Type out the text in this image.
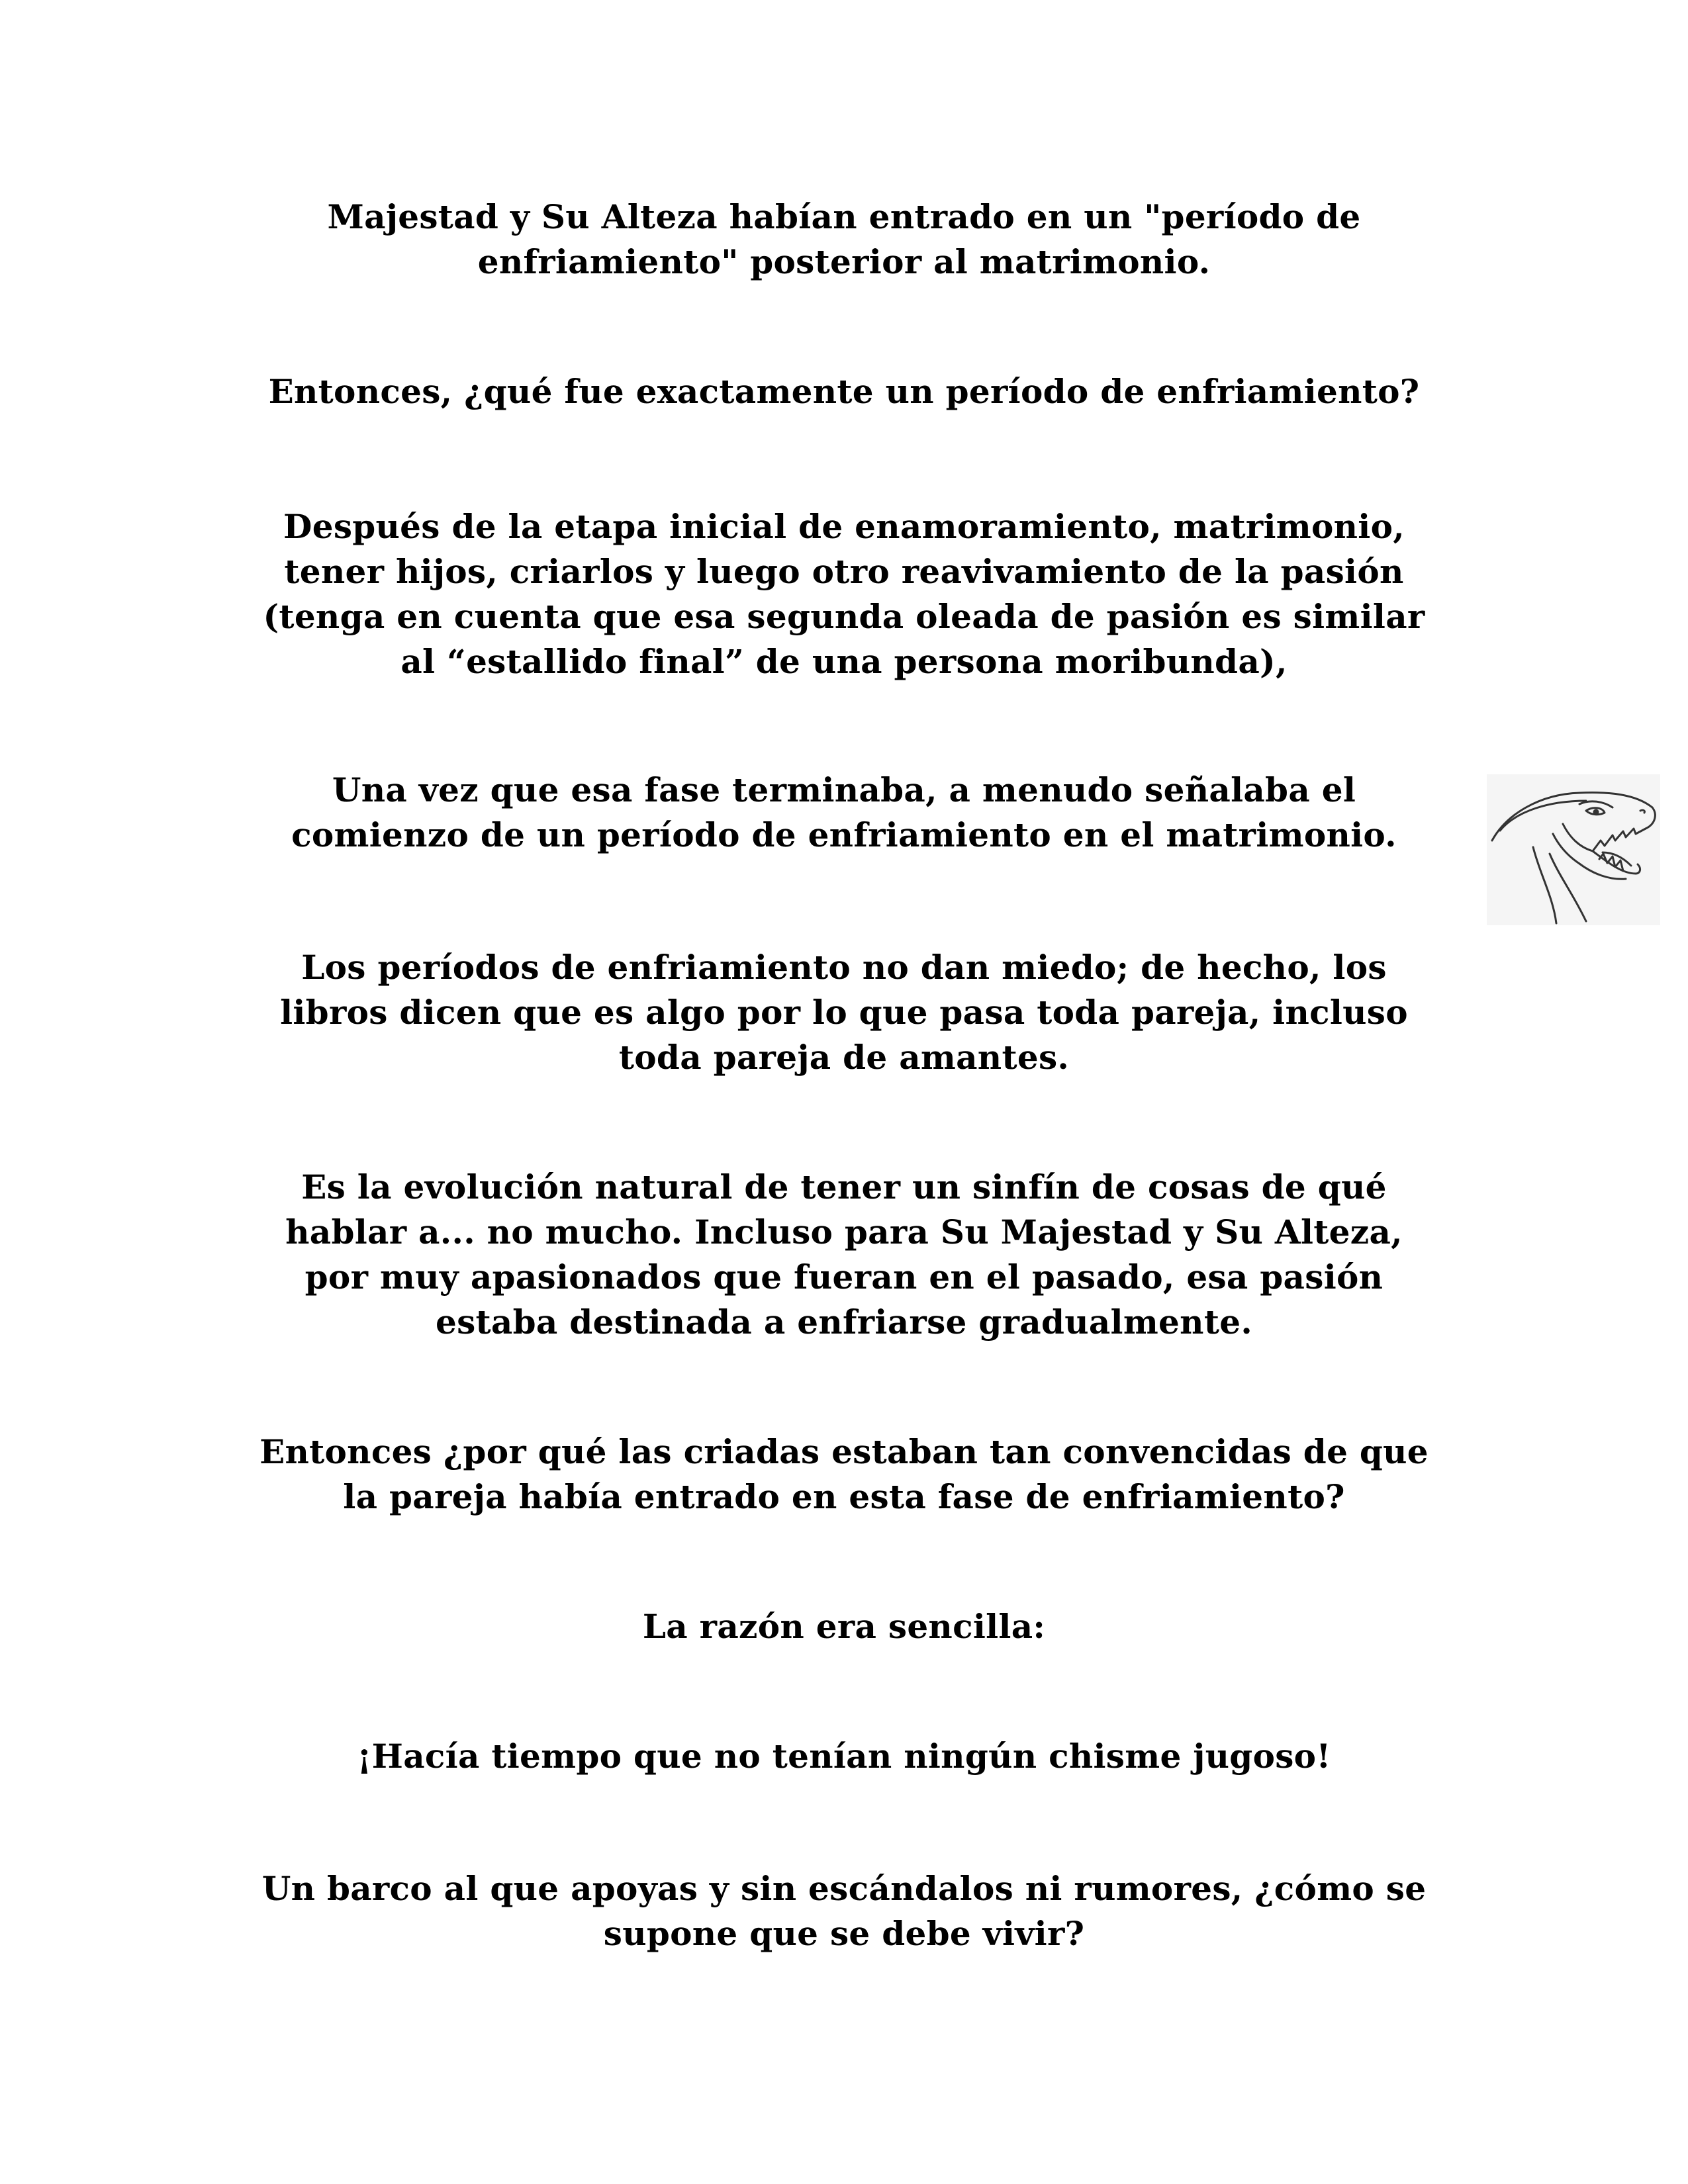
Majestad y Su Alteza habían entrado en un "período de
enfriamiento" posterior al matrimonio.

Entonces, ¿qué fue exactamente un período de enfriamiento?

Después de la etapa inicial de enamoramiento, matrimonio,
tener hijos, criarlos y luego otro reavivamiento de la pasión
(tenga en cuenta que esa segunda oleada de pasión es similar
al “estallido final” de una persona moribunda),

Una vez que esa fase terminaba, a menudo señalaba el
comienzo de un período de enfriamiento en el matrimonio.

Los períodos de enfriamiento no dan miedo; de hecho, los
libros dicen que es algo por lo que pasa toda pareja, incluso
toda pareja de amantes.

Es la evolución natural de tener un sinfín de cosas de qué
hablar a... no mucho. Incluso para Su Majestad y Su Alteza,
por muy apasionados que fueran en el pasado, esa pasión
estaba destinada a enfriarse gradualmente.

Entonces ¿por qué las criadas estaban tan convencidas de que
la pareja había entrado en esta fase de enfriamiento?

La razón era sencilla:

¡Hacía tiempo que no tenían ningún chisme jugoso!

Un barco al que apoyas y sin escándalos ni rumores, ¿cómo se
supone que se debe vivir?
